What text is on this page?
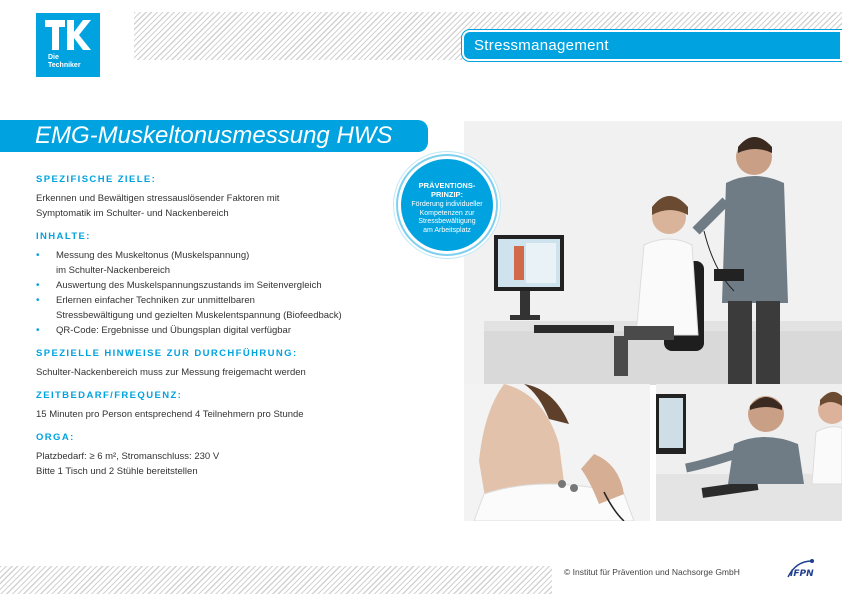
Die
Techniker
Stressmanagement
EMG-Muskeltonusmessung HWS
SPEZIFISCHE ZIELE:
Erkennen und Bewältigen stressauslösender Faktoren mit
Symptomatik im Schulter- und Nackenbereich
INHALTE:
• Messung des Muskeltonus (Muskelspannung)
im Schulter-Nackenbereich
• Auswertung des Muskelspannungszustands im Seitenvergleich
• Erlernen einfacher Techniken zur unmittelbaren
Stressbewältigung und gezielten Muskelentspannung (Biofeedback)
• QR-Code: Ergebnisse und Übungsplan digital verfügbar
SPEZIELLE HINWEISE ZUR DURCHFÜHRUNG:
Schulter-Nackenbereich muss zur Messung freigemacht werden
ZEITBEDARF/FREQUENZ:
15 Minuten pro Person entsprechend 4 Teilnehmern pro Stunde
ORGA:
Platzbedarf: ≥ 6 m², Stromanschluss: 230 V
Bitte 1 Tisch und 2 Stühle bereitstellen
PRÄVENTIONS-
PRINZIP:
Förderung individueller
Kompetenzen zur
Stressbewältigung
am Arbeitsplatz
© Institut für Prävention und Nachsorge GmbH	IFPN
